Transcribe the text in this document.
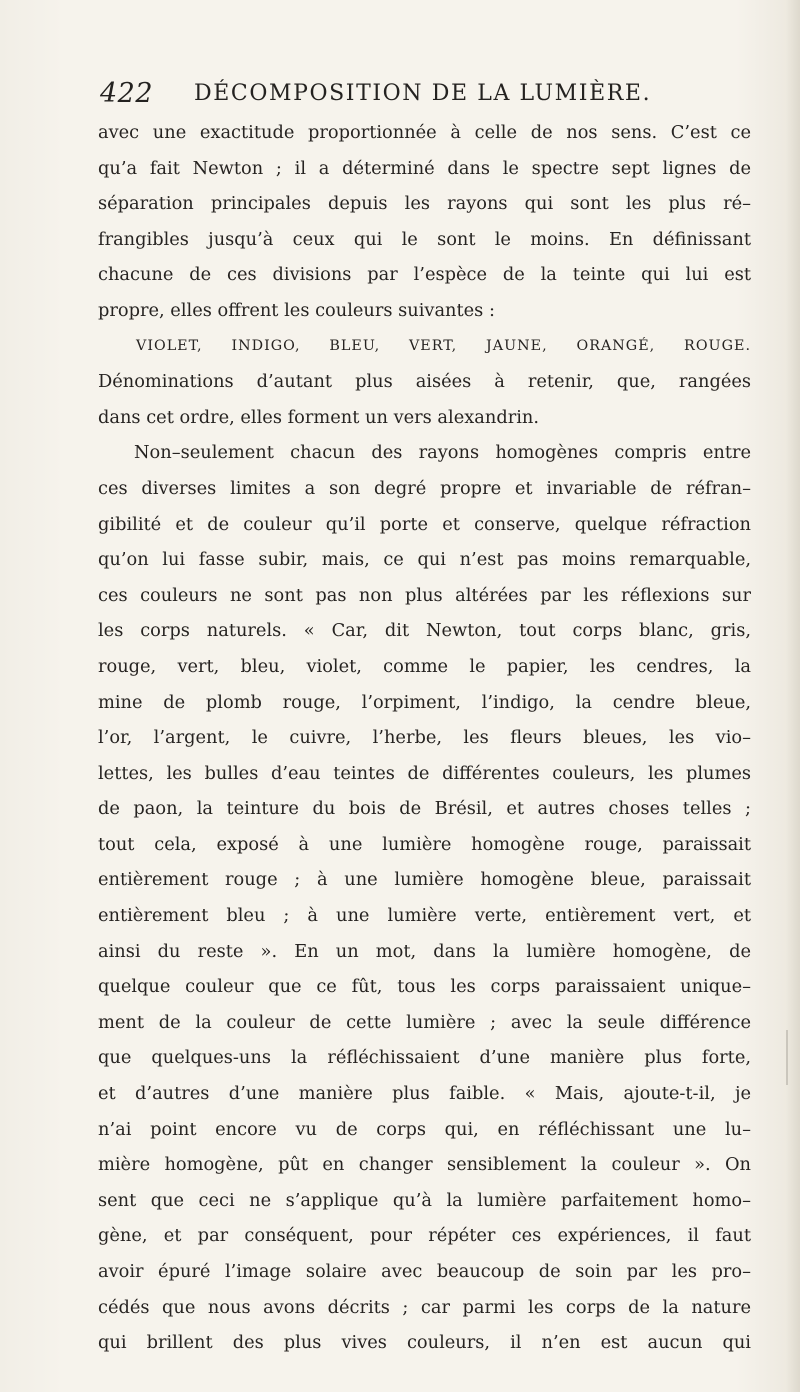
422 DÉCOMPOSITION DE LA LUMIÈRE.
avec une exactitude proportionnée à celle de nos sens. C’est ce
qu’a fait Newton ; il a déterminé dans le spectre sept lignes de
séparation principales depuis les rayons qui sont les plus ré–
frangibles jusqu’à ceux qui le sont le moins. En définissant
chacune de ces divisions par l’espèce de la teinte qui lui est
propre, elles offrent les couleurs suivantes :
VIOLET, INDIGO, BLEU, VERT, JAUNE, ORANGÉ, ROUGE.
Dénominations d’autant plus aisées à retenir, que, rangées
dans cet ordre, elles forment un vers alexandrin.
Non–seulement chacun des rayons homogènes compris entre
ces diverses limites a son degré propre et invariable de réfran–
gibilité et de couleur qu’il porte et conserve, quelque réfraction
qu’on lui fasse subir, mais, ce qui n’est pas moins remarquable,
ces couleurs ne sont pas non plus altérées par les réflexions sur
les corps naturels. « Car, dit Newton, tout corps blanc, gris,
rouge, vert, bleu, violet, comme le papier, les cendres, la
mine de plomb rouge, l’orpiment, l’indigo, la cendre bleue,
l’or, l’argent, le cuivre, l’herbe, les fleurs bleues, les vio–
lettes, les bulles d’eau teintes de différentes couleurs, les plumes
de paon, la teinture du bois de Brésil, et autres choses telles ;
tout cela, exposé à une lumière homogène rouge, paraissait
entièrement rouge ; à une lumière homogène bleue, paraissait
entièrement bleu ; à une lumière verte, entièrement vert, et
ainsi du reste ». En un mot, dans la lumière homogène, de
quelque couleur que ce fût, tous les corps paraissaient unique–
ment de la couleur de cette lumière ; avec la seule différence
que quelques-uns la réfléchissaient d’une manière plus forte,
et d’autres d’une manière plus faible. « Mais, ajoute-t-il, je
n’ai point encore vu de corps qui, en réfléchissant une lu–
mière homogène, pût en changer sensiblement la couleur ». On
sent que ceci ne s’applique qu’à la lumière parfaitement homo–
gène, et par conséquent, pour répéter ces expériences, il faut
avoir épuré l’image solaire avec beaucoup de soin par les pro–
cédés que nous avons décrits ; car parmi les corps de la nature
qui brillent des plus vives couleurs, il n’en est aucun qui
